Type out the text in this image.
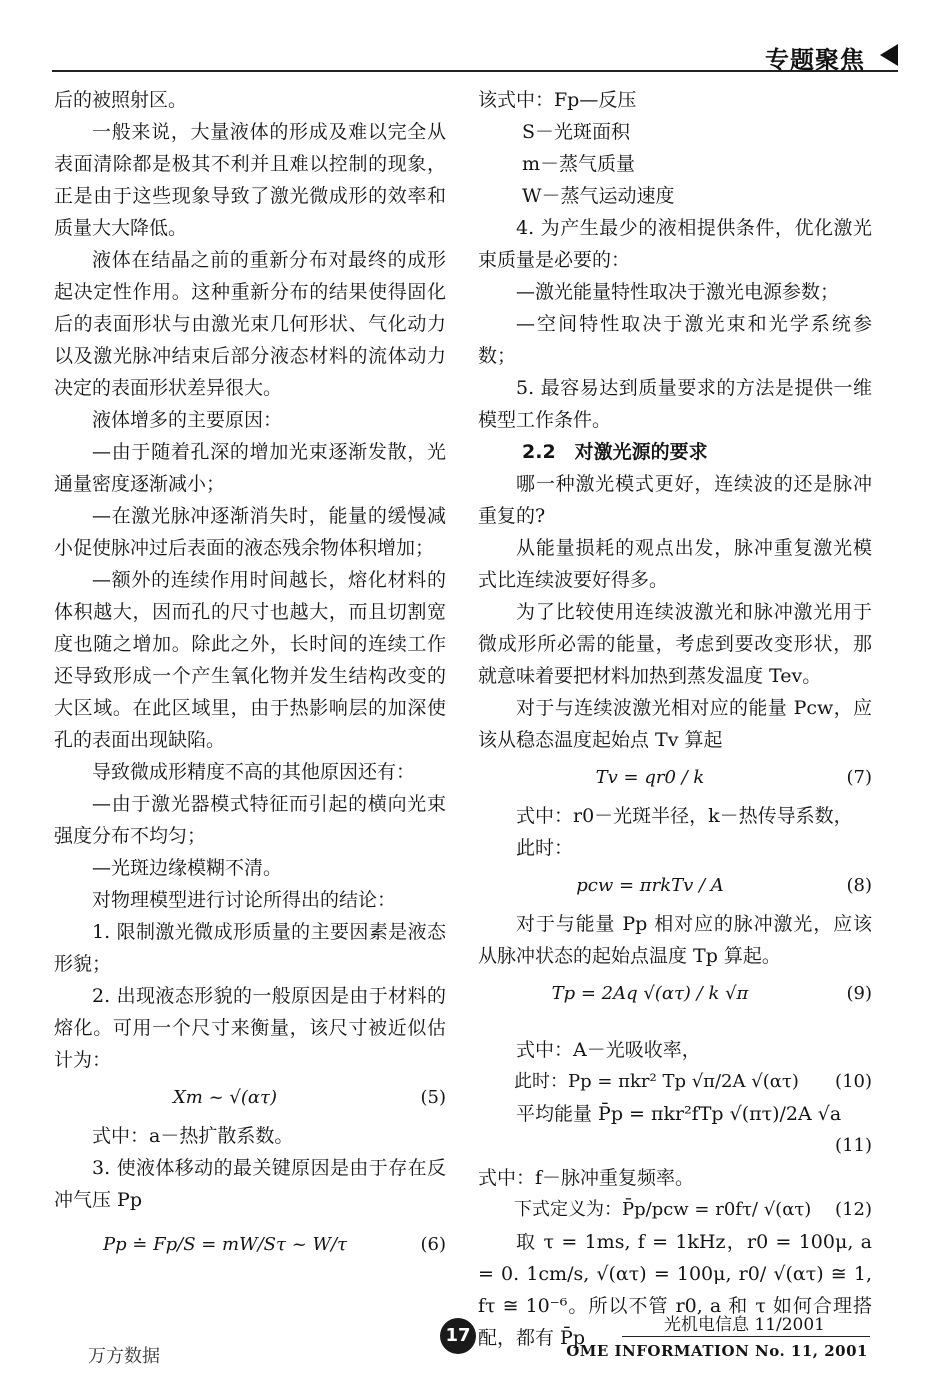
专题聚焦

后的被照射区。

一般来说，大量液体的形成及难以完全从表面清除都是极其不利并且难以控制的现象，正是由于这些现象导致了激光微成形的效率和质量大大降低。

液体在结晶之前的重新分布对最终的成形起决定性作用。这种重新分布的结果使得固化后的表面形状与由激光束几何形状、气化动力以及激光脉冲结束后部分液态材料的流体动力决定的表面形状差异很大。

液体增多的主要原因：

—由于随着孔深的增加光束逐渐发散，光通量密度逐渐减小；

—在激光脉冲逐渐消失时，能量的缓慢减小促使脉冲过后表面的液态残余物体积增加；

—额外的连续作用时间越长，熔化材料的体积越大，因而孔的尺寸也越大，而且切割宽度也随之增加。除此之外，长时间的连续工作还导致形成一个产生氧化物并发生结构改变的大区域。在此区域里，由于热影响层的加深使孔的表面出现缺陷。

导致微成形精度不高的其他原因还有：

—由于激光器模式特征而引起的横向光束强度分布不均匀；

—光斑边缘模糊不清。

对物理模型进行讨论所得出的结论：

1. 限制激光微成形质量的主要因素是液态形貌；

2. 出现液态形貌的一般原因是由于材料的熔化。可用一个尺寸来衡量，该尺寸被近似估计为：

Xm ~ √(ατ)	(5)

式中：a－热扩散系数。

3. 使液体移动的最关键原因是由于存在反冲气压 Pp

Pp ≐ Fp/S = mW/Sτ ~ W/τ	(6)

该式中：Fp—反压

S－光斑面积

m－蒸气质量

W－蒸气运动速度

4. 为产生最少的液相提供条件，优化激光束质量是必要的：

—激光能量特性取决于激光电源参数；

—空间特性取决于激光束和光学系统参数；

5. 最容易达到质量要求的方法是提供一维模型工作条件。

2.2　对激光源的要求

哪一种激光模式更好，连续波的还是脉冲重复的?

从能量损耗的观点出发，脉冲重复激光模式比连续波要好得多。

为了比较使用连续波激光和脉冲激光用于微成形所必需的能量，考虑到要改变形状，那就意味着要把材料加热到蒸发温度 Tev。

对于与连续波激光相对应的能量 Pcw，应该从稳态温度起始点 Tv 算起

Tv = qr0 / k	(7)

式中：r0－光斑半径，k－热传导系数，

此时：

pcw = πrkTv / A	(8)

对于与能量 Pp 相对应的脉冲激光，应该从脉冲状态的起始点温度 Tp 算起。

Tp = 2Aq √(ατ) / k √π	(9)

式中：A－光吸收率，

此时：Pp = πkr² Tp √π/2A √(ατ)	(10)

平均能量 P̄p = πkr²fTp √(πτ)/2A √a

(11)

式中：f－脉冲重复频率。

下式定义为：P̄p/pcw = r0fτ/ √(ατ)	(12)

取 τ = 1ms, f = 1kHz，r0 = 100μ, a = 0. 1cm/s, √(ατ) = 100μ, r0/ √(ατ) ≅ 1, fτ ≅ 10⁻⁶。所以不管 r0, a 和 τ 如何合理搭配，都有 P̄p

万方数据
17	光机电信息 11/2001
OME INFORMATION No. 11, 2001
